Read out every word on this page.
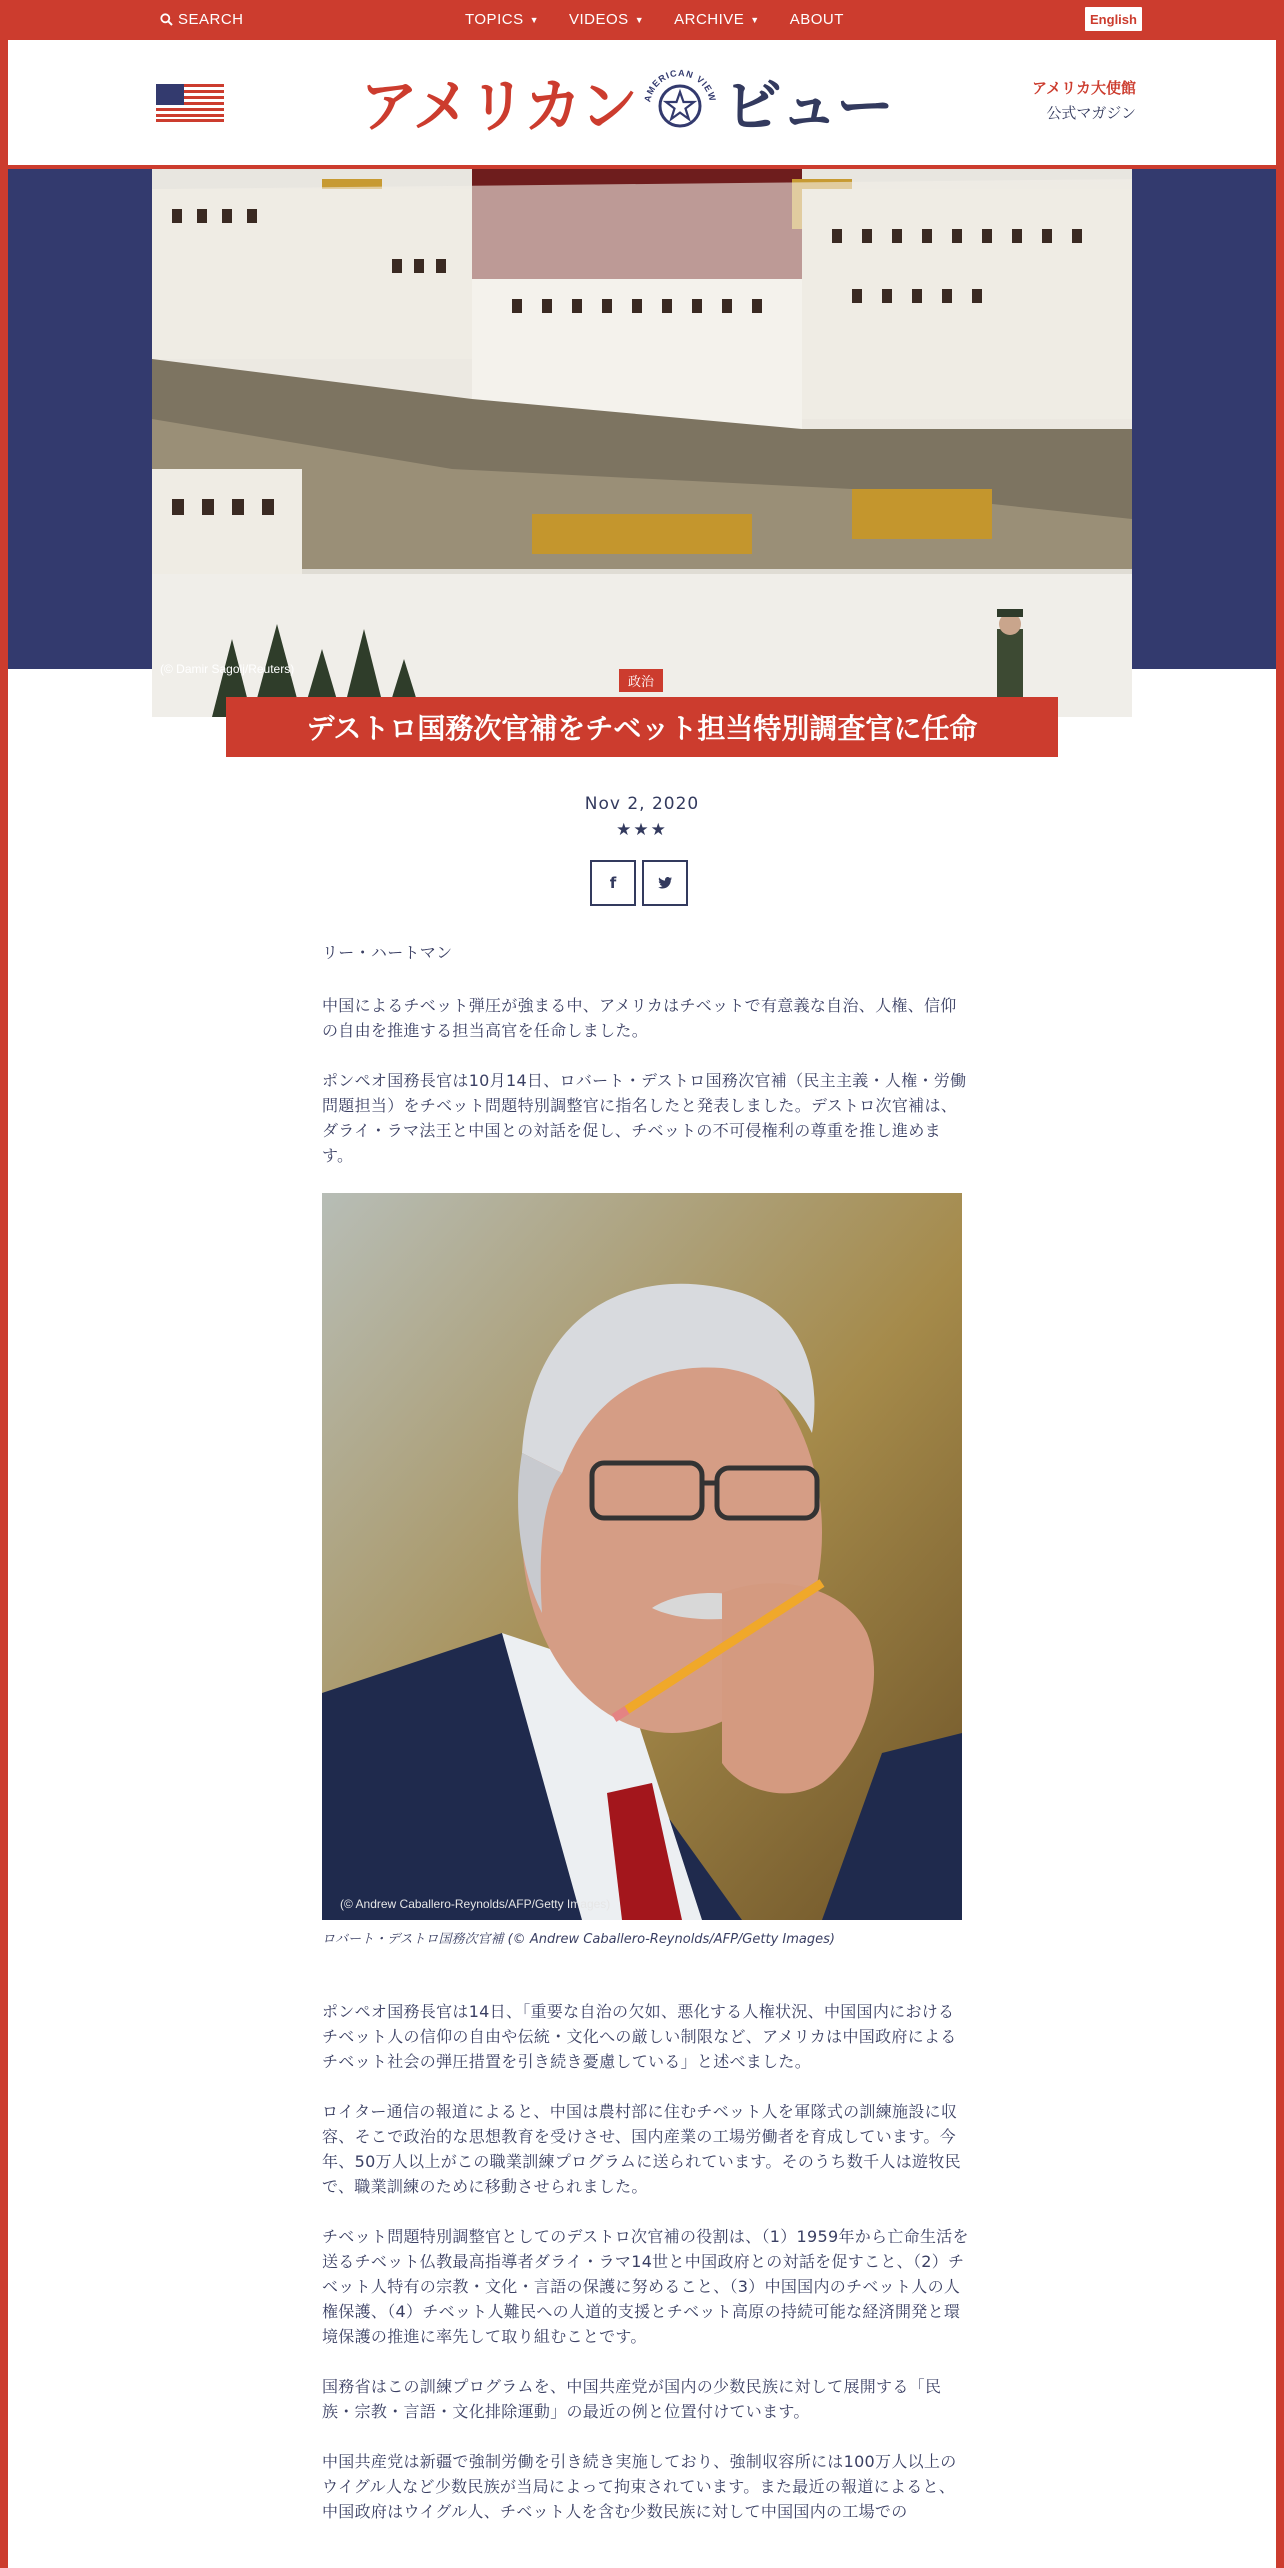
SEARCH	TOPICS ▼ VIDEOS ▼ ARCHIVE ▼ ABOUT	English
アメリカン AMERICAN VIEW ビュー	アメリカ大使館
公式マガジン
(© Damir Sagolj/Reuters)
政治
デストロ国務次官補をチベット担当特別調査官に任命
Nov 2, 2020
★★★
f

リー・ハートマン

中国によるチベット弾圧が強まる中、アメリカはチベットで有意義な自治、人権、信仰の自由を推進する担当高官を任命しました。

ポンペオ国務長官は10月14日、ロバート・デストロ国務次官補（民主主義・人権・労働問題担当）をチベット問題特別調整官に指名したと発表しました。デストロ次官補は、ダライ・ラマ法王と中国との対話を促し、チベットの不可侵権利の尊重を推し進めます。

(© Andrew Caballero-Reynolds/AFP/Getty Images)
ロバート・デストロ国務次官補 (© Andrew Caballero-Reynolds/AFP/Getty Images)

ポンペオ国務長官は14日、「重要な自治の欠如、悪化する人権状況、中国国内におけるチベット人の信仰の自由や伝統・文化への厳しい制限など、アメリカは中国政府によるチベット社会の弾圧措置を引き続き憂慮している」と述べました。

ロイター通信の報道によると、中国は農村部に住むチベット人を軍隊式の訓練施設に収容、そこで政治的な思想教育を受けさせ、国内産業の工場労働者を育成しています。今年、50万人以上がこの職業訓練プログラムに送られています。そのうち数千人は遊牧民で、職業訓練のために移動させられました。

チベット問題特別調整官としてのデストロ次官補の役割は、（1）1959年から亡命生活を送るチベット仏教最高指導者ダライ・ラマ14世と中国政府との対話を促すこと、（2）チベット人特有の宗教・文化・言語の保護に努めること、（3）中国国内のチベット人の人権保護、（4）チベット人難民への人道的支援とチベット高原の持続可能な経済開発と環境保護の推進に率先して取り組むことです。

国務省はこの訓練プログラムを、中国共産党が国内の少数民族に対して展開する「民族・宗教・言語・文化排除運動」の最近の例と位置付けています。

中国共産党は新疆で強制労働を引き続き実施しており、強制収容所には100万人以上のウイグル人など少数民族が当局によって拘束されています。また最近の報道によると、中国政府はウイグル人、チベット人を含む少数民族に対して中国国内の工場での
